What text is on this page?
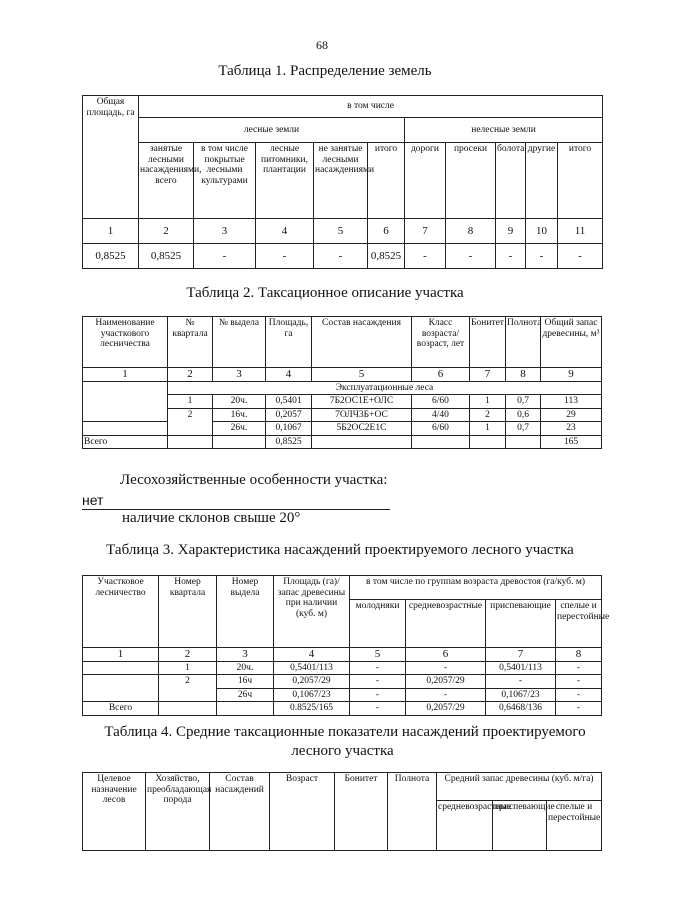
68
Таблица 1. Распределение земель
Общая площадь, га	в том числе									
	лесные земли					нелесные земли				
	занятые лесными насаждениями, всего	в том числе покрытые лесными культурами	лесные питомники, плантации	не занятые лесными насаждениями	итого	дороги	просеки	болота	другие	итого
1	2	3	4	5	6	7	8	9	10	11
0,8525	0,8525	-	-	-	0,8525	-	-	-	-	-
Таблица 2. Таксационное описание участка
Наименование участкового лесничества	№ квартала	№ выдела	Площадь, га	Состав насаждения	Класс возраста/ возраст, лет	Бонитет	Полнота	Общий запас древесины, м³
1	2	3	4	5	6	7	8	9
	Эксплуатационные леса							
	1	20ч.	0,5401	7Б2ОС1Е+ОЛС	6/60	1	0,7	113
	2	16ч.	0,2057	7ОЛЧ3Б+ОС	4/40	2	0,6	29
		26ч.	0,1067	5Б2ОС2Е1С	6/60	1	0,7	23
Всего			0,8525					165
Лесохозяйственные особенности участка:
нет
наличие склонов свыше 20°
Таблица 3. Характеристика насаждений проектируемого лесного участка
Участковое лесничество	Номер квартала	Номер выдела	Площадь (га)/запас древесины при наличии (куб. м)	в том числе по группам возраста древостоя (га/куб. м)			
				молодняки	средневозрастные	приспевающие	спелые и перестойные
1	2	3	4	5	6	7	8
	1	20ч.	0,5401/113	-	-	0,5401/113	-
	2	16ч	0,2057/29	-	0,2057/29	-	-
		26ч	0,1067/23	-	-	0,1067/23	-
Всего			0.8525/165	-	0,2057/29	0,6468/136	-
Таблица 4. Средние таксационные показатели насаждений проектируемого
лесного участка
Целевое назначение лесов	Хозяйство, преобладающая порода	Состав насаждений	Возраст	Бонитет	Полнота	Средний запас древесины (куб. м/га)		
						средневозрастные	приспевающие	спелые и перестойные
